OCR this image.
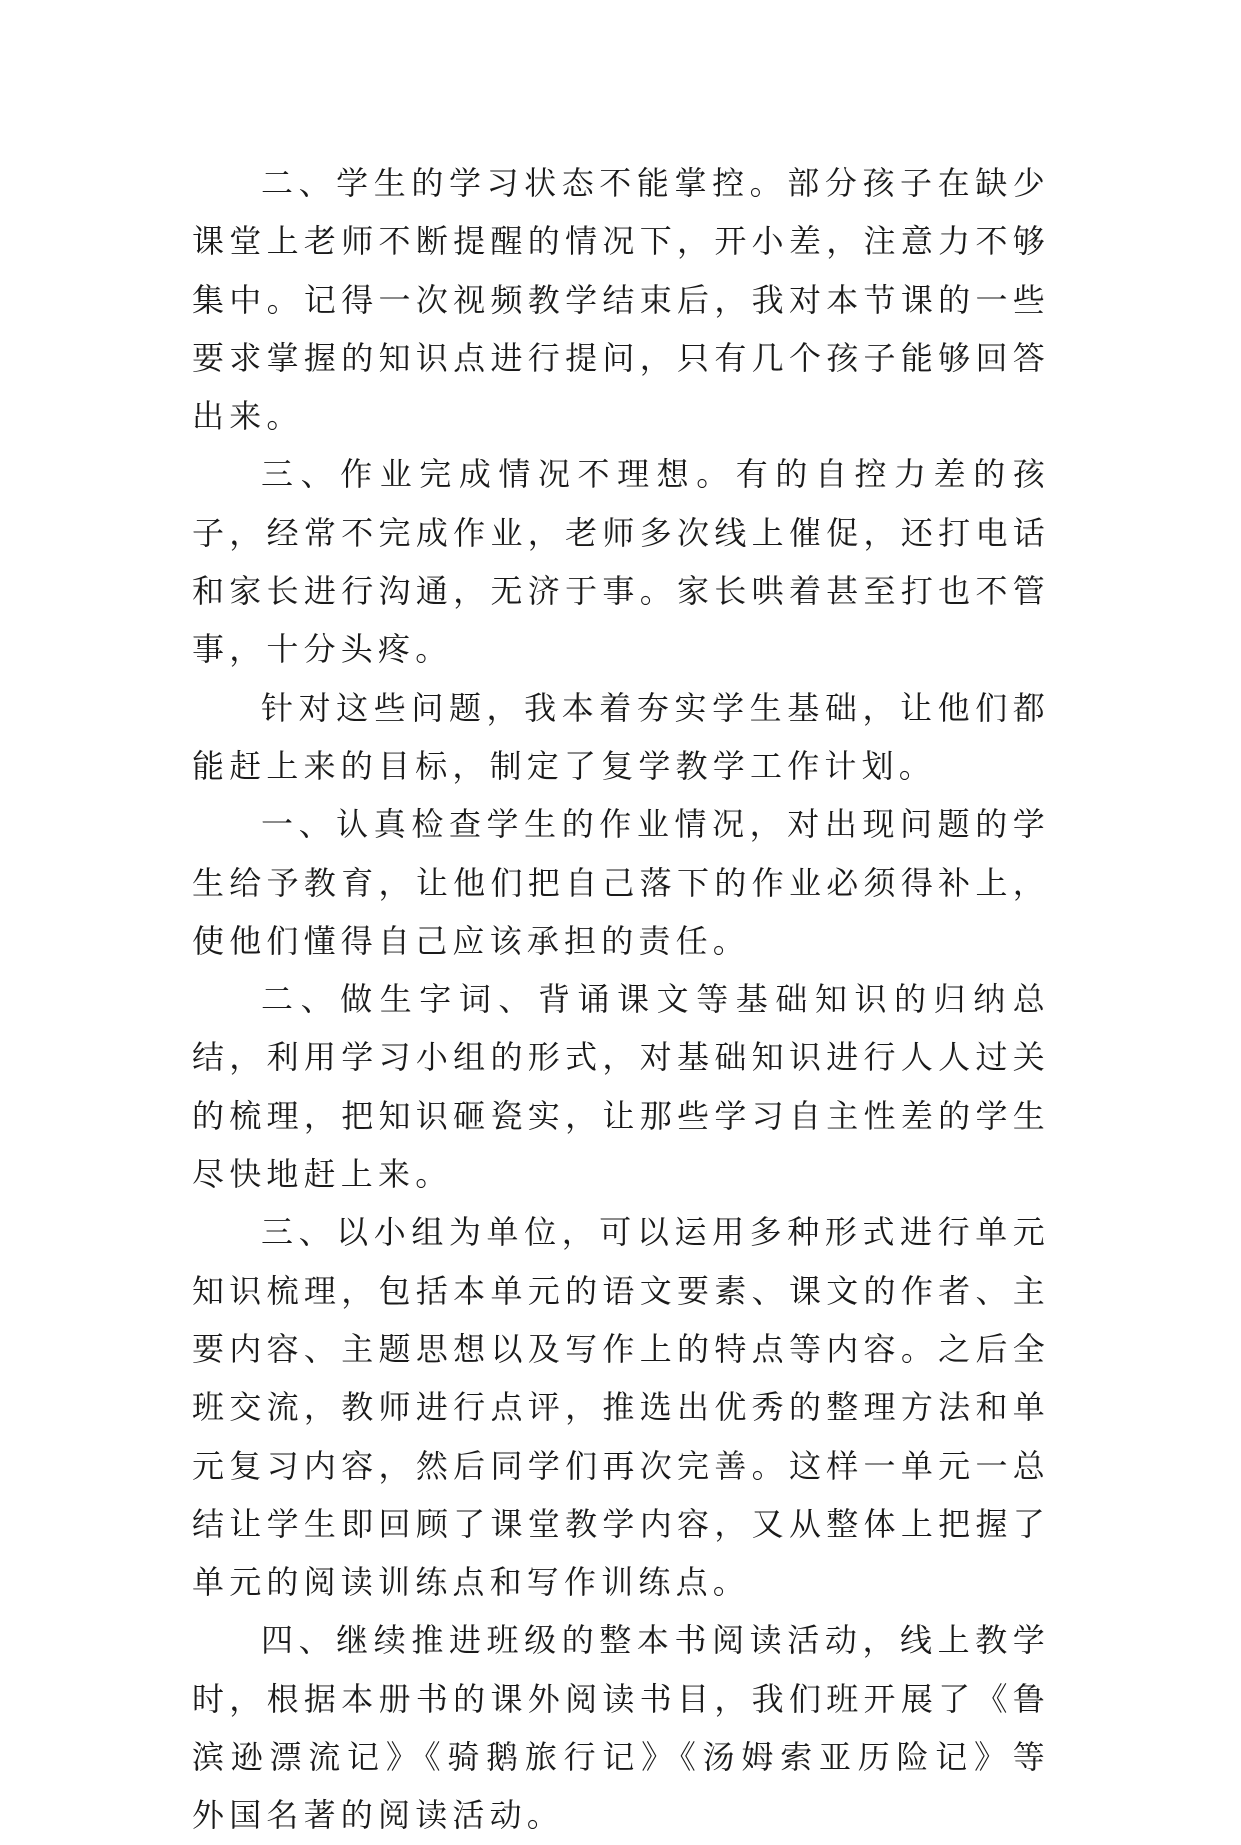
二、学生的学习状态不能掌控。部分孩子在缺少课堂上老师不断提醒的情况下，开小差，注意力不够集中。记得一次视频教学结束后，我对本节课的一些要求掌握的知识点进行提问，只有几个孩子能够回答出来。

三、作业完成情况不理想。有的自控力差的孩子，经常不完成作业，老师多次线上催促，还打电话和家长进行沟通，无济于事。家长哄着甚至打也不管事，十分头疼。

针对这些问题，我本着夯实学生基础，让他们都能赶上来的目标，制定了复学教学工作计划。

一、认真检查学生的作业情况，对出现问题的学生给予教育，让他们把自己落下的作业必须得补上，使他们懂得自己应该承担的责任。

二、做生字词、背诵课文等基础知识的归纳总结，利用学习小组的形式，对基础知识进行人人过关的梳理，把知识砸瓷实，让那些学习自主性差的学生尽快地赶上来。

三、以小组为单位，可以运用多种形式进行单元知识梳理，包括本单元的语文要素、课文的作者、主要内容、主题思想以及写作上的特点等内容。之后全班交流，教师进行点评，推选出优秀的整理方法和单元复习内容，然后同学们再次完善。这样一单元一总结让学生即回顾了课堂教学内容，又从整体上把握了单元的阅读训练点和写作训练点。

四、继续推进班级的整本书阅读活动，线上教学时，根据本册书的课外阅读书目，我们班开展了《鲁滨逊漂流记》《骑鹅旅行记》《汤姆索亚历险记》等外国名著的阅读活动。
